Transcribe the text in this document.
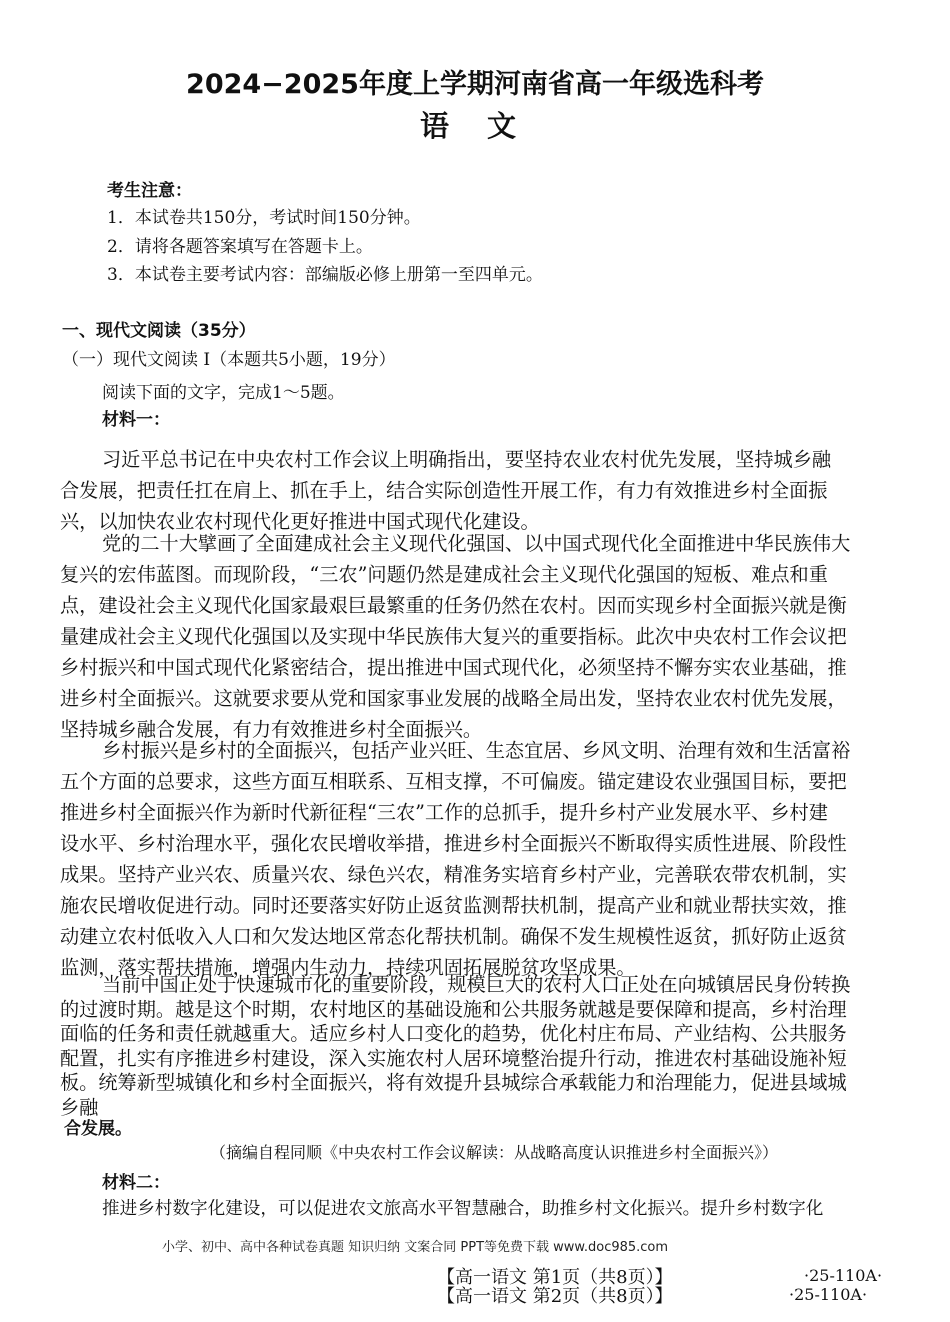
2024−2025年度上学期河南省高一年级选科考
语 文
考生注意：
1．本试卷共150分，考试时间150分钟。
2．请将各题答案填写在答题卡上。
3．本试卷主要考试内容：部编版必修上册第一至四单元。
一、现代文阅读（35分）
（一）现代文阅读 I（本题共5小题，19分）
阅读下面的文字，完成1～5题。
材料一：
习近平总书记在中央农村工作会议上明确指出，要坚持农业农村优先发展，坚持城乡融
合发展，把责任扛在肩上、抓在手上，结合实际创造性开展工作，有力有效推进乡村全面振
兴，以加快农业农村现代化更好推进中国式现代化建设。
党的二十大擘画了全面建成社会主义现代化强国、以中国式现代化全面推进中华民族伟大
复兴的宏伟蓝图。而现阶段，“三农”问题仍然是建成社会主义现代化强国的短板、难点和重
点，建设社会主义现代化国家最艰巨最繁重的任务仍然在农村。因而实现乡村全面振兴就是衡
量建成社会主义现代化强国以及实现中华民族伟大复兴的重要指标。此次中央农村工作会议把
乡村振兴和中国式现代化紧密结合，提出推进中国式现代化，必须坚持不懈夯实农业基础，推
进乡村全面振兴。这就要求要从党和国家事业发展的战略全局出发，坚持农业农村优先发展，
坚持城乡融合发展，有力有效推进乡村全面振兴。
乡村振兴是乡村的全面振兴，包括产业兴旺、生态宜居、乡风文明、治理有效和生活富裕
五个方面的总要求，这些方面互相联系、互相支撑，不可偏废。锚定建设农业强国目标，要把
推进乡村全面振兴作为新时代新征程“三农”工作的总抓手，提升乡村产业发展水平、乡村建
设水平、乡村治理水平，强化农民增收举措，推进乡村全面振兴不断取得实质性进展、阶段性
成果。坚持产业兴农、质量兴农、绿色兴农，精准务实培育乡村产业，完善联农带农机制，实
施农民增收促进行动。同时还要落实好防止返贫监测帮扶机制，提高产业和就业帮扶实效，推
动建立农村低收入人口和欠发达地区常态化帮扶机制。确保不发生规模性返贫，抓好防止返贫
监测，落实帮扶措施，增强内生动力，持续巩固拓展脱贫攻坚成果。
当前中国正处于快速城市化的重要阶段，规模巨大的农村人口正处在向城镇居民身份转换
的过渡时期。越是这个时期，农村地区的基础设施和公共服务就越是要保障和提高，乡村治理
面临的任务和责任就越重大。适应乡村人口变化的趋势，优化村庄布局、产业结构、公共服务
配置，扎实有序推进乡村建设，深入实施农村人居环境整治提升行动，推进农村基础设施补短
板。统筹新型城镇化和乡村全面振兴，将有效提升县城综合承载能力和治理能力，促进县域城
乡融
合发展。
（摘编自程同顺《中央农村工作会议解读：从战略高度认识推进乡村全面振兴》）
材料二：
推进乡村数字化建设，可以促进农文旅高水平智慧融合，助推乡村文化振兴。提升乡村数字化
小学、初中、高中各种试卷真题 知识归纳 文案合同 PPT等免费下载 www.doc985.com
【高一语文 第1页（共8页）】	·25-110A·
【高一语文 第2页（共8页）】	·25-110A·
